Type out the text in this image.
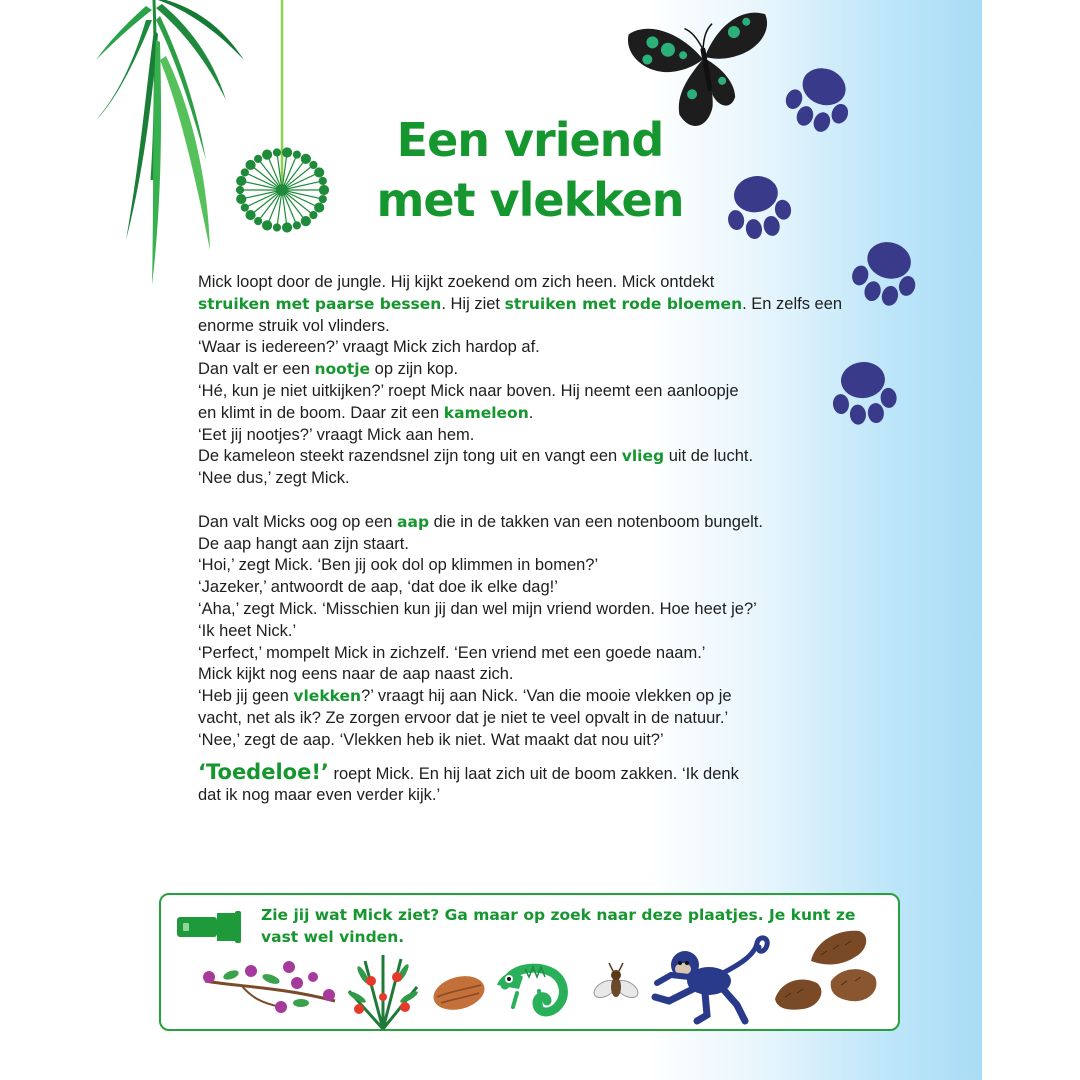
Een vriend
met vlekken

Mick loopt door de jungle. Hij kijkt zoekend om zich heen. Mick ontdekt

struiken met paarse bessen. Hij ziet struiken met rode bloemen. En zelfs een

enorme struik vol vlinders.

‘Waar is iedereen?’ vraagt Mick zich hardop af.

Dan valt er een nootje op zijn kop.

‘Hé, kun je niet uitkijken?’ roept Mick naar boven. Hij neemt een aanloopje

en klimt in de boom. Daar zit een kameleon.

‘Eet jij nootjes?’ vraagt Mick aan hem.

De kameleon steekt razendsnel zijn tong uit en vangt een vlieg uit de lucht.

‘Nee dus,’ zegt Mick.

Dan valt Micks oog op een aap die in de takken van een notenboom bungelt.

De aap hangt aan zijn staart.

‘Hoi,’ zegt Mick. ‘Ben jij ook dol op klimmen in bomen?’

‘Jazeker,’ antwoordt de aap, ‘dat doe ik elke dag!’

‘Aha,’ zegt Mick. ‘Misschien kun jij dan wel mijn vriend worden. Hoe heet je?’

‘Ik heet Nick.’

‘Perfect,’ mompelt Mick in zichzelf. ‘Een vriend met een goede naam.’

Mick kijkt nog eens naar de aap naast zich.

‘Heb jij geen vlekken?’ vraagt hij aan Nick. ‘Van die mooie vlekken op je

vacht, net als ik? Ze zorgen ervoor dat je niet te veel opvalt in de natuur.’

‘Nee,’ zegt de aap. ‘Vlekken heb ik niet. Wat maakt dat nou uit?’

‘Toedeloe!’ roept Mick. En hij laat zich uit de boom zakken. ‘Ik denk

dat ik nog maar even verder kijk.’

Zie jij wat Mick ziet? Ga maar op zoek naar deze plaatjes. Je kunt ze vast wel vinden.
